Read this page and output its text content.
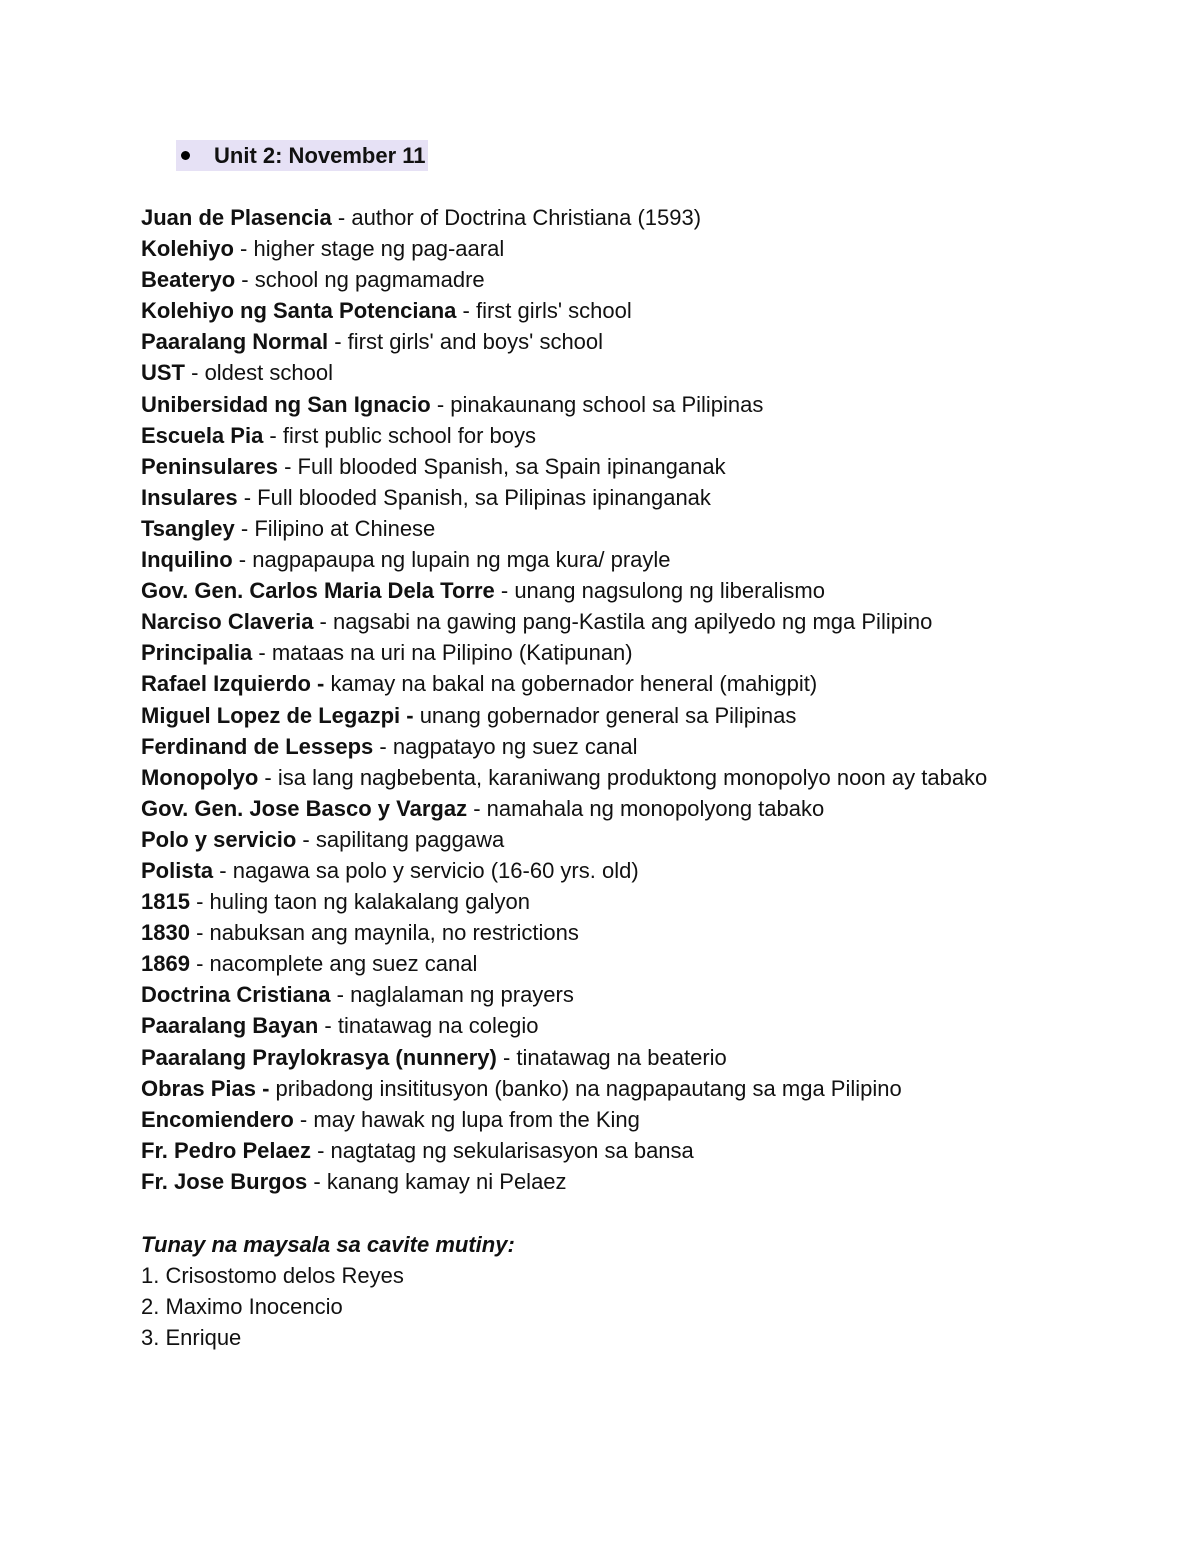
Unit 2: November 11
Juan de Plasencia - author of Doctrina Christiana (1593)
Kolehiyo - higher stage ng pag-aaral
Beateryo - school ng pagmamadre
Kolehiyo ng Santa Potenciana - first girls' school
Paaralang Normal - first girls' and boys' school
UST - oldest school
Unibersidad ng San Ignacio - pinakaunang school sa Pilipinas
Escuela Pia - first public school for boys
Peninsulares - Full blooded Spanish, sa Spain ipinanganak
Insulares - Full blooded Spanish, sa Pilipinas ipinanganak
Tsangley - Filipino at Chinese
Inquilino - nagpapaupa ng lupain ng mga kura/ prayle
Gov. Gen. Carlos Maria Dela Torre - unang nagsulong ng liberalismo
Narciso Claveria - nagsabi na gawing pang-Kastila ang apilyedo ng mga Pilipino
Principalia - mataas na uri na Pilipino (Katipunan)
Rafael Izquierdo - kamay na bakal na gobernador heneral (mahigpit)
Miguel Lopez de Legazpi - unang gobernador general sa Pilipinas
Ferdinand de Lesseps - nagpatayo ng suez canal
Monopolyo - isa lang nagbebenta, karaniwang produktong monopolyo noon ay tabako
Gov. Gen. Jose Basco y Vargaz - namahala ng monopolyong tabako
Polo y servicio - sapilitang paggawa
Polista - nagawa sa polo y servicio (16-60 yrs. old)
1815 - huling taon ng kalakalang galyon
1830 - nabuksan ang maynila, no restrictions
1869 - nacomplete ang suez canal
Doctrina Cristiana - naglalaman ng prayers
Paaralang Bayan - tinatawag na colegio
Paaralang Praylokrasya (nunnery) - tinatawag na beaterio
Obras Pias - pribadong insititusyon (banko) na nagpapautang sa mga Pilipino
Encomiendero - may hawak ng lupa from the King
Fr. Pedro Pelaez - nagtatag ng sekularisasyon sa bansa
Fr. Jose Burgos - kanang kamay ni Pelaez
Tunay na maysala sa cavite mutiny:
1. Crisostomo delos Reyes
2. Maximo Inocencio
3. Enrique
